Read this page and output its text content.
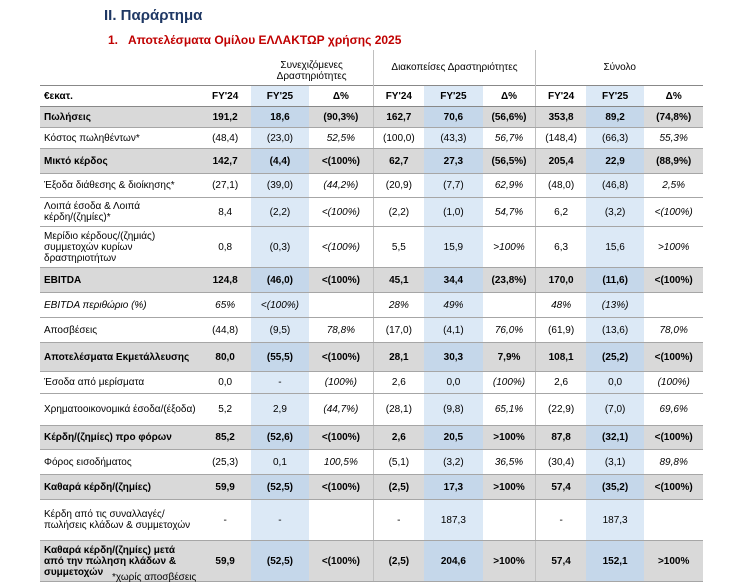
II. Παράρτημα
1. Αποτελέσματα Ομίλου ΕΛΛΑΚΤΩΡ χρήσης 2025
		Συνεχιζόμενες Δραστηριότητες		Διακοπείσες Δραστηριότητες			Σύνολο		
€εκατ.	FY'24	FY'25	Δ%	FY'24	FY'25	Δ%	FY'24	FY'25	Δ%
Πωλήσεις	191,2	18,6	(90,3%)	162,7	70,6	(56,6%)	353,8	89,2	(74,8%)
Κόστος πωληθέντων*	(48,4)	(23,0)	52,5%	(100,0)	(43,3)	56,7%	(148,4)	(66,3)	55,3%
Μικτό κέρδος	142,7	(4,4)	<(100%)	62,7	27,3	(56,5%)	205,4	22,9	(88,9%)
Έξοδα διάθεσης & διοίκησης*	(27,1)	(39,0)	(44,2%)	(20,9)	(7,7)	62,9%	(48,0)	(46,8)	2,5%
Λοιπά έσοδα & Λοιπά κέρδη/(ζημίες)*	8,4	(2,2)	<(100%)	(2,2)	(1,0)	54,7%	6,2	(3,2)	<(100%)
Μερίδιο κέρδους/(ζημιάς) συμμετοχών κυρίων δραστηριοτήτων	0,8	(0,3)	<(100%)	5,5	15,9	>100%	6,3	15,6	>100%
EBITDA	124,8	(46,0)	<(100%)	45,1	34,4	(23,8%)	170,0	(11,6)	<(100%)
EBITDA περιθώριο (%)	65%	<(100%)		28%	49%		48%	(13%)	
Αποσβέσεις	(44,8)	(9,5)	78,8%	(17,0)	(4,1)	76,0%	(61,9)	(13,6)	78,0%
Αποτελέσματα Εκμετάλλευσης	80,0	(55,5)	<(100%)	28,1	30,3	7,9%	108,1	(25,2)	<(100%)
Έσοδα από μερίσματα	0,0	-	(100%)	2,6	0,0	(100%)	2,6	0,0	(100%)
Χρηματοοικονομικά έσοδα/(έξοδα)	5,2	2,9	(44,7%)	(28,1)	(9,8)	65,1%	(22,9)	(7,0)	69,6%
Κέρδη/(ζημίες) προ φόρων	85,2	(52,6)	<(100%)	2,6	20,5	>100%	87,8	(32,1)	<(100%)
Φόρος εισοδήματος	(25,3)	0,1	100,5%	(5,1)	(3,2)	36,5%	(30,4)	(3,1)	89,8%
Καθαρά κέρδη/(ζημίες)	59,9	(52,5)	<(100%)	(2,5)	17,3	>100%	57,4	(35,2)	<(100%)
Κέρδη από τις συναλλαγές/ πωλήσεις κλάδων & συμμετοχών	-	-		-	187,3		-	187,3	
Καθαρά κέρδη/(ζημίες) μετά από την πώληση κλάδων & συμμετοχών	59,9	(52,5)	<(100%)	(2,5)	204,6	>100%	57,4	152,1	>100%
*χωρίς αποσβέσεις
